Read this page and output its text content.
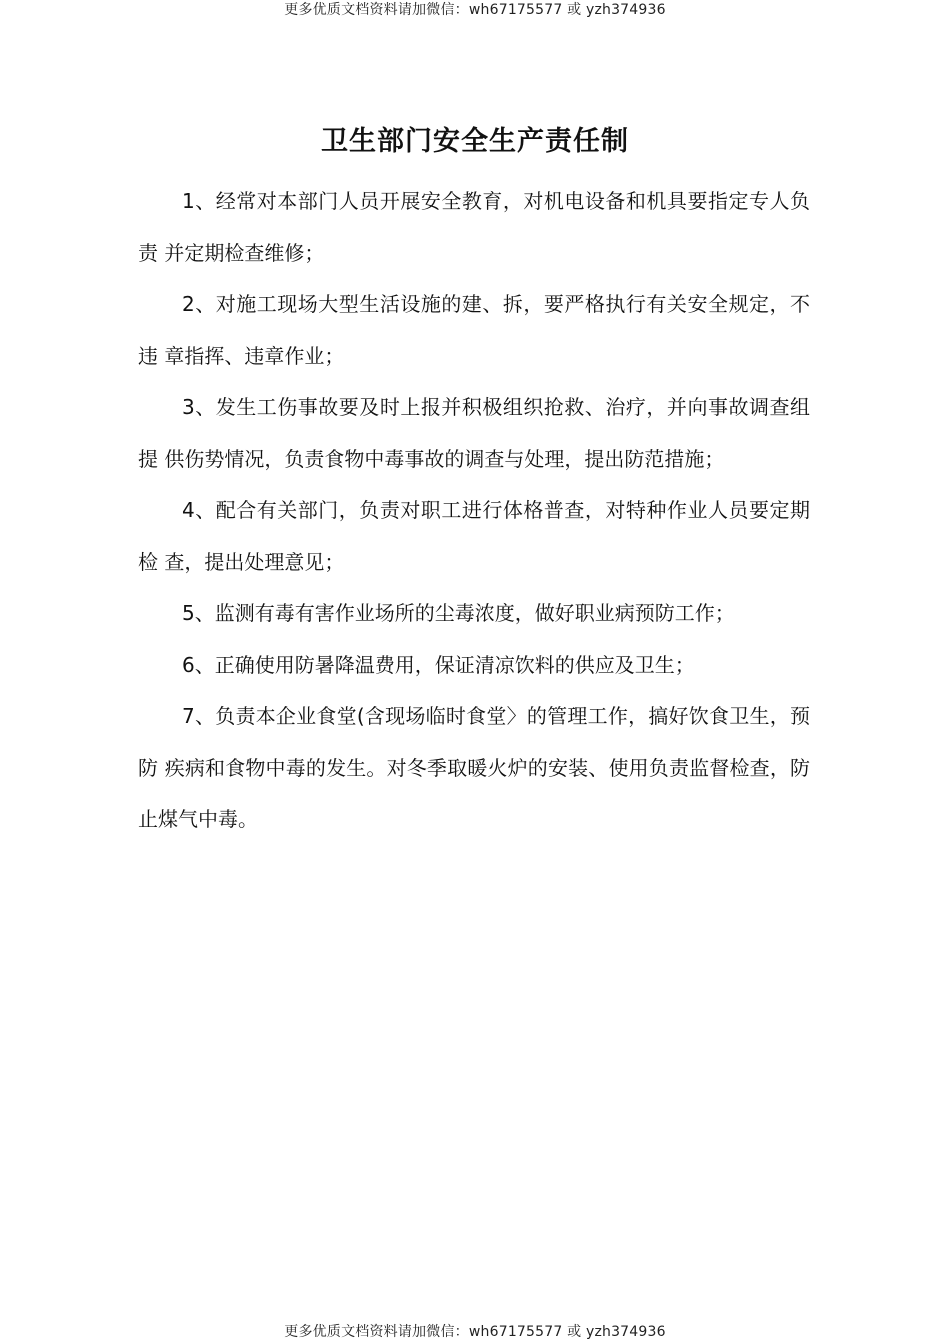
更多优质文档资料请加微信：wh67175577 或 yzh374936
卫生部门安全生产责任制

1、经常对本部门人员开展安全教育，对机电设备和机具要指定专人负责 并定期检查维修；

2、对施工现场大型生活设施的建、拆，要严格执行有关安全规定，不违 章指挥、违章作业；

3、发生工伤事故要及时上报并积极组织抢救、治疗，并向事故调查组提 供伤势情况，负责食物中毒事故的调查与处理，提出防范措施；

4、配合有关部门，负责对职工进行体格普查，对特种作业人员要定期检 查，提出处理意见；

5、监测有毒有害作业场所的尘毒浓度，做好职业病预防工作；

6、正确使用防暑降温费用，保证清凉饮料的供应及卫生；

7、负责本企业食堂(含现场临时食堂〉的管理工作，搞好饮食卫生，预防 疾病和食物中毒的发生。对冬季取暖火炉的安装、使用负责监督检查，防止煤气中毒。

更多优质文档资料请加微信：wh67175577 或 yzh374936
